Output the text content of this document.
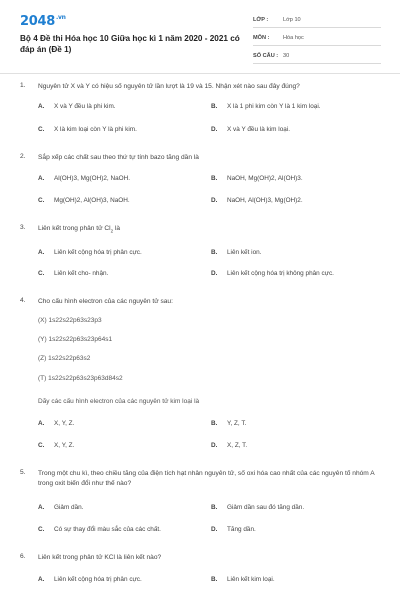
$2048^{.vn}$
Bộ 4 Đề thi Hóa học 10 Giữa học kì 1 năm 2020 - 2021 có đáp án (Đề 1)
LỚP :	Lớp 10
MÔN : Hóa học
SỐ CÂU : 30
1. Nguyên tử X và Y có hiệu số nguyên tử lần lượt là 19 và 15. Nhận xét nào sau đây đúng?
A. X và Y đều là phi kim.	B. X là 1 phi kim còn Y là 1 kim loại.
C. X là kim loại còn Y là phi kim.	D. X và Y đều là kim loại.
2. Sắp xếp các chất sau theo thứ tự tính bazo tăng dần là
A. Al(OH)3, Mg(OH)2, NaOH.	B. NaOH, Mg(OH)2, Al(OH)3.
C. Mg(OH)2, Al(OH)3, NaOH.	D. NaOH, Al(OH)3, Mg(OH)2.
3. Liên kết trong phân tử $Cl_2$ là
A. Liên kết cộng hóa trị phân cực.	B. Liên kết ion.
C. Liên kết cho- nhận.	D. Liên kết cộng hóa trị không phân cực.
4. Cho cấu hình electron của các nguyên tử sau:
(X) 1s22s22p63s23p3
(Y) 1s22s22p63s23p64s1
(Z) 1s22s22p63s2
(T) 1s22s22p63s23p63d84s2
Dãy các cấu hình electron của các nguyên tử kim loại là
A. X, Y, Z.	B. Y, Z, T.
C. X, Y, Z.	D. X, Z, T.
5. Trong một chu kì, theo chiều tăng của điện tích hạt nhân nguyên tử, số oxi hóa cao nhất của các nguyên tố nhóm A trong oxit biến đổi như thế nào?
A. Giảm dần.	B. Giảm dần sau đó tăng dần.
C. Có sự thay đổi màu sắc của các chất.	D. Tăng dần.
6. Liên kết trong phân tử KCl là liên kết nào?
A. Liên kết cộng hóa trị phân cực.	B. Liên kết kim loại.
